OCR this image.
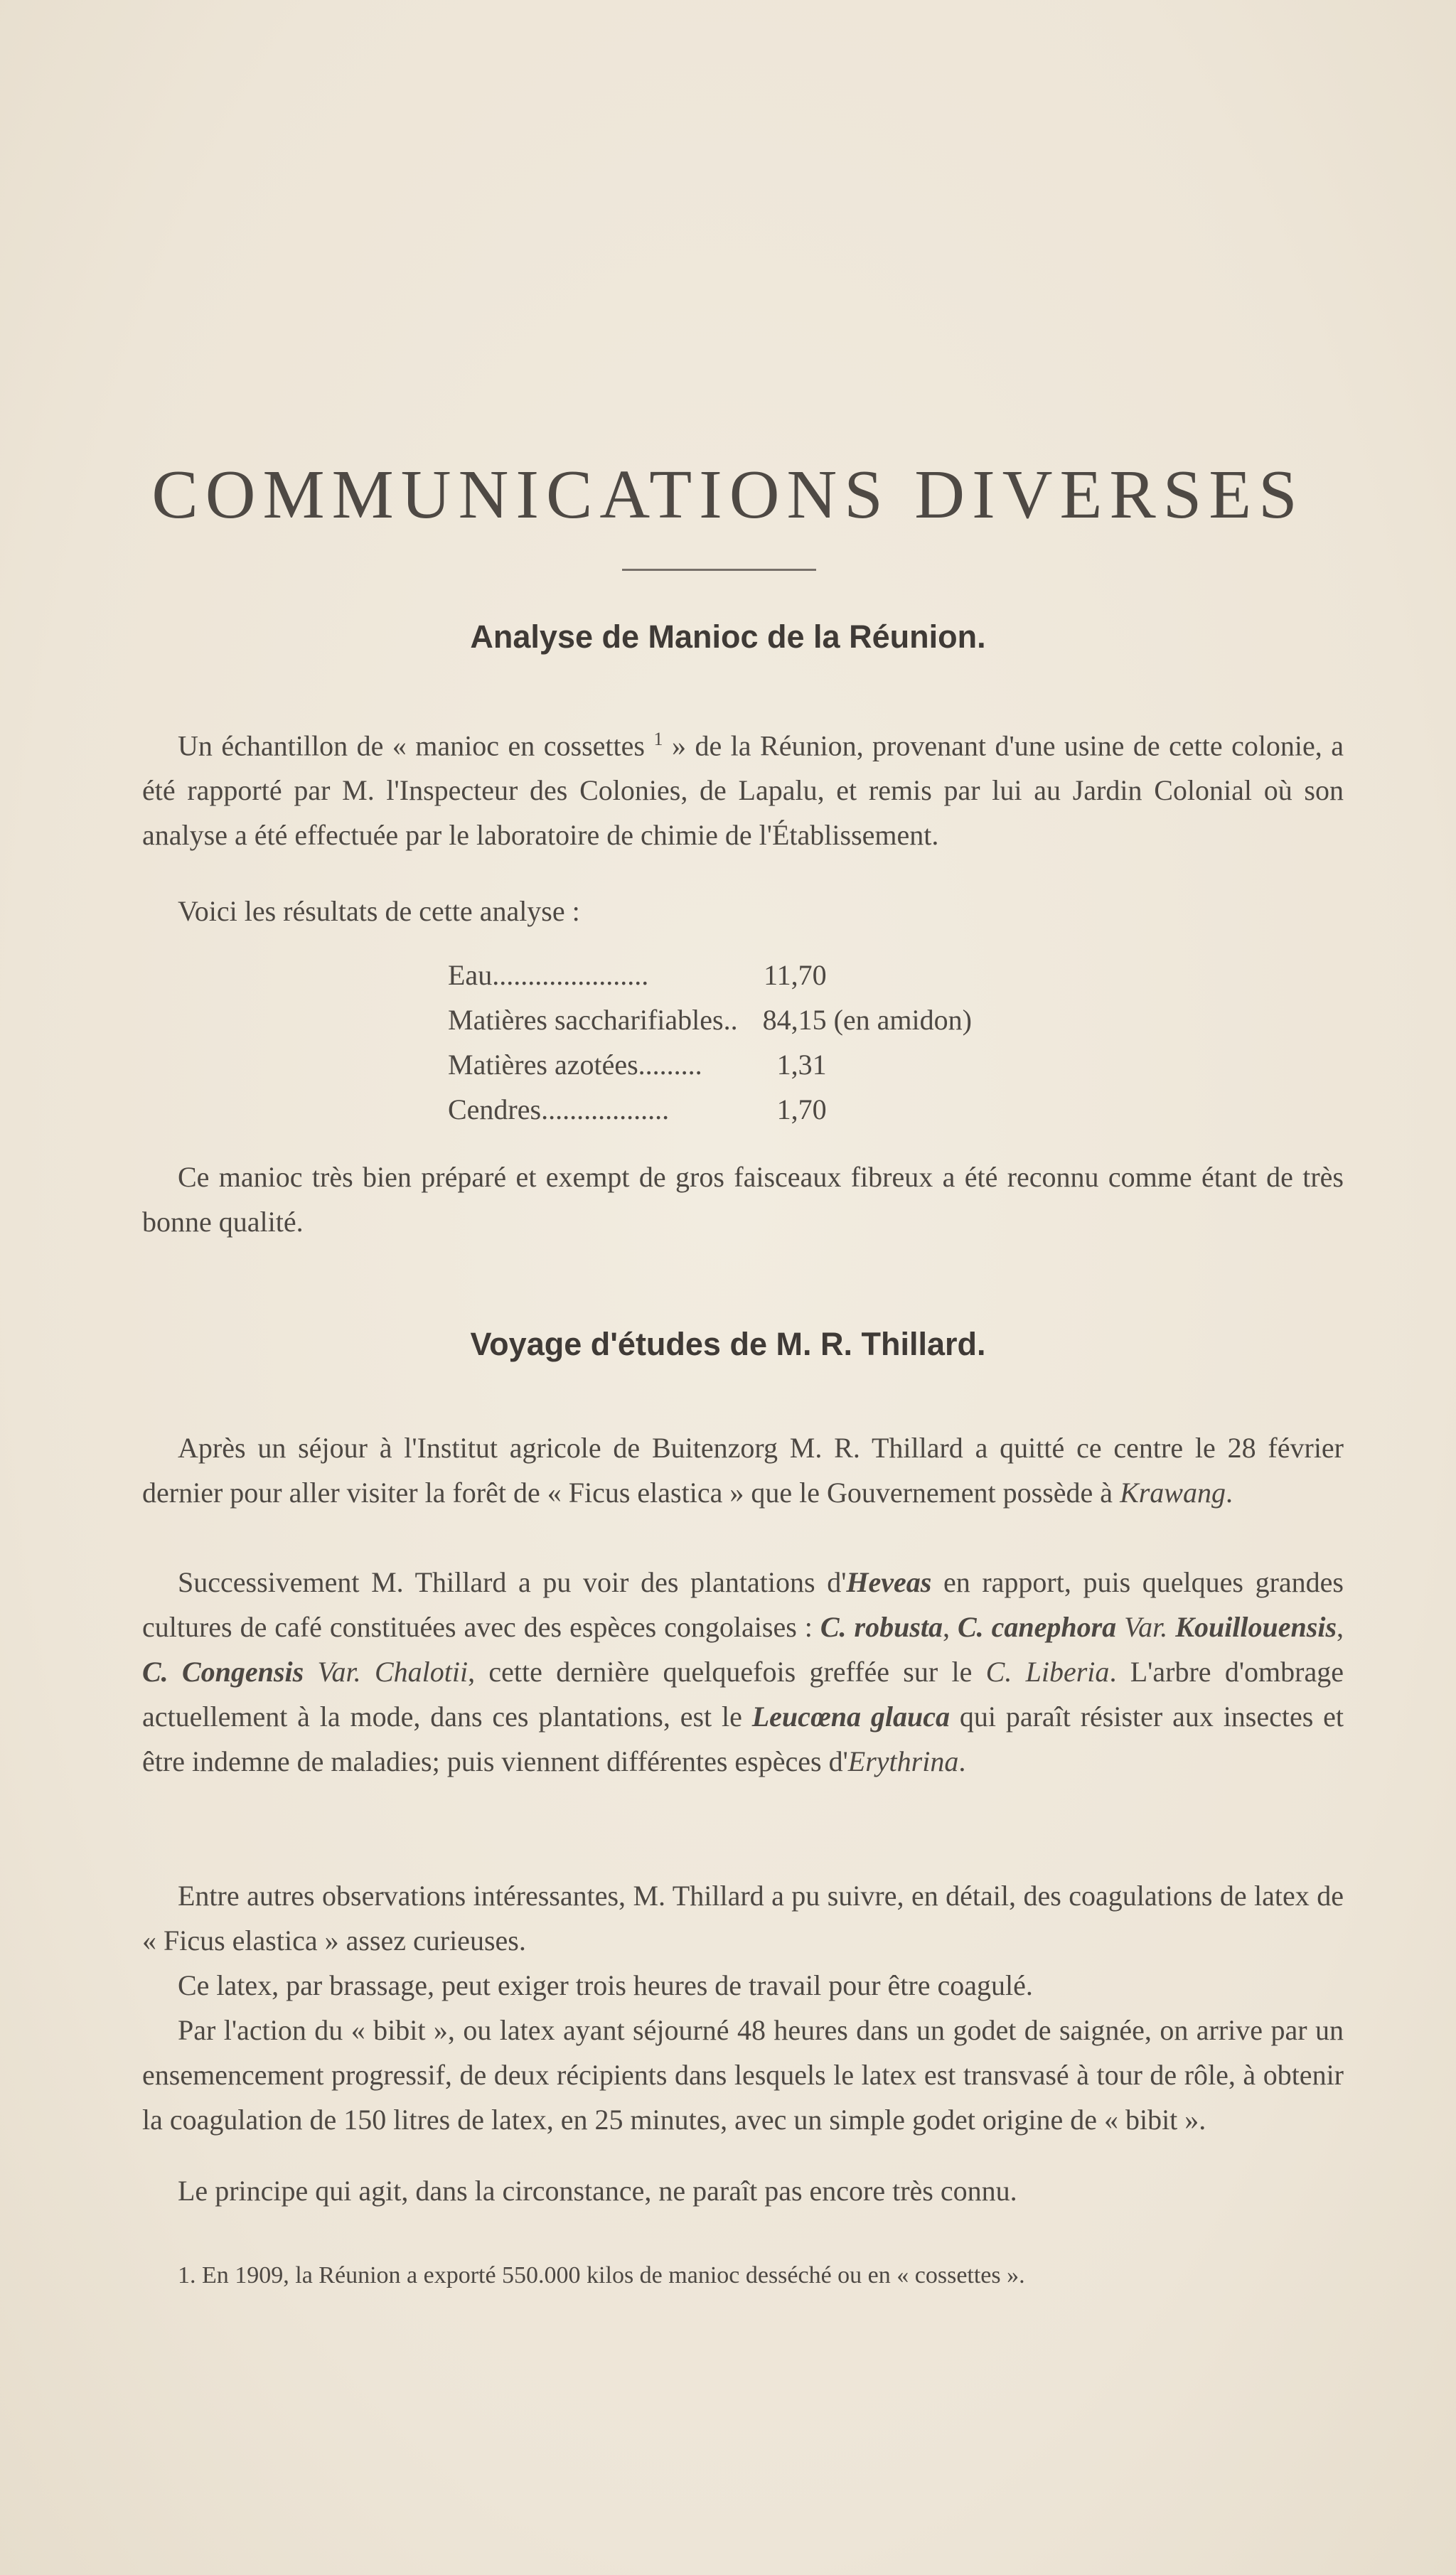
COMMUNICATIONS DIVERSES
Analyse de Manioc de la Réunion.

Un échantillon de « manioc en cossettes $^1$ » de la Réunion, provenant d'une usine de cette colonie, a été rapporté par M. l'Inspecteur des Colonies, de Lapalu, et remis par lui au Jardin Colonial où son analyse a été effectuée par le laboratoire de chimie de l'Établissement.

Voici les résultats de cette analyse :

Eau......................	11,70	
Matières saccharifiables..	84,15	(en amidon)
Matières azotées.........	1,31	
Cendres..................	1,70	

Ce manioc très bien préparé et exempt de gros faisceaux fibreux a été reconnu comme étant de très bonne qualité.

Voyage d'études de M. R. Thillard.

Après un séjour à l'Institut agricole de Buitenzorg M. R. Thillard a quitté ce centre le 28 février dernier pour aller visiter la forêt de « Ficus elastica » que le Gouvernement possède à Krawang.

Successivement M. Thillard a pu voir des plantations d'Heveas en rapport, puis quelques grandes cultures de café constituées avec des espèces congolaises : C. robusta, C. canephora Var. Kouillouensis, C. Congensis Var. Chalotii, cette dernière quelquefois greffée sur le C. Liberia. L'arbre d'ombrage actuellement à la mode, dans ces plantations, est le Leucœna glauca qui paraît résister aux insectes et être indemne de maladies; puis viennent différentes espèces d'Erythrina.

Entre autres observations intéressantes, M. Thillard a pu suivre, en détail, des coagulations de latex de « Ficus elastica » assez curieuses.

Ce latex, par brassage, peut exiger trois heures de travail pour être coagulé.

Par l'action du « bibit », ou latex ayant séjourné 48 heures dans un godet de saignée, on arrive par un ensemencement progressif, de deux récipients dans lesquels le latex est transvasé à tour de rôle, à obtenir la coagulation de 150 litres de latex, en 25 minutes, avec un simple godet origine de « bibit ».

Le principe qui agit, dans la circonstance, ne paraît pas encore très connu.

1. En 1909, la Réunion a exporté 550.000 kilos de manioc desséché ou en « cossettes ».
